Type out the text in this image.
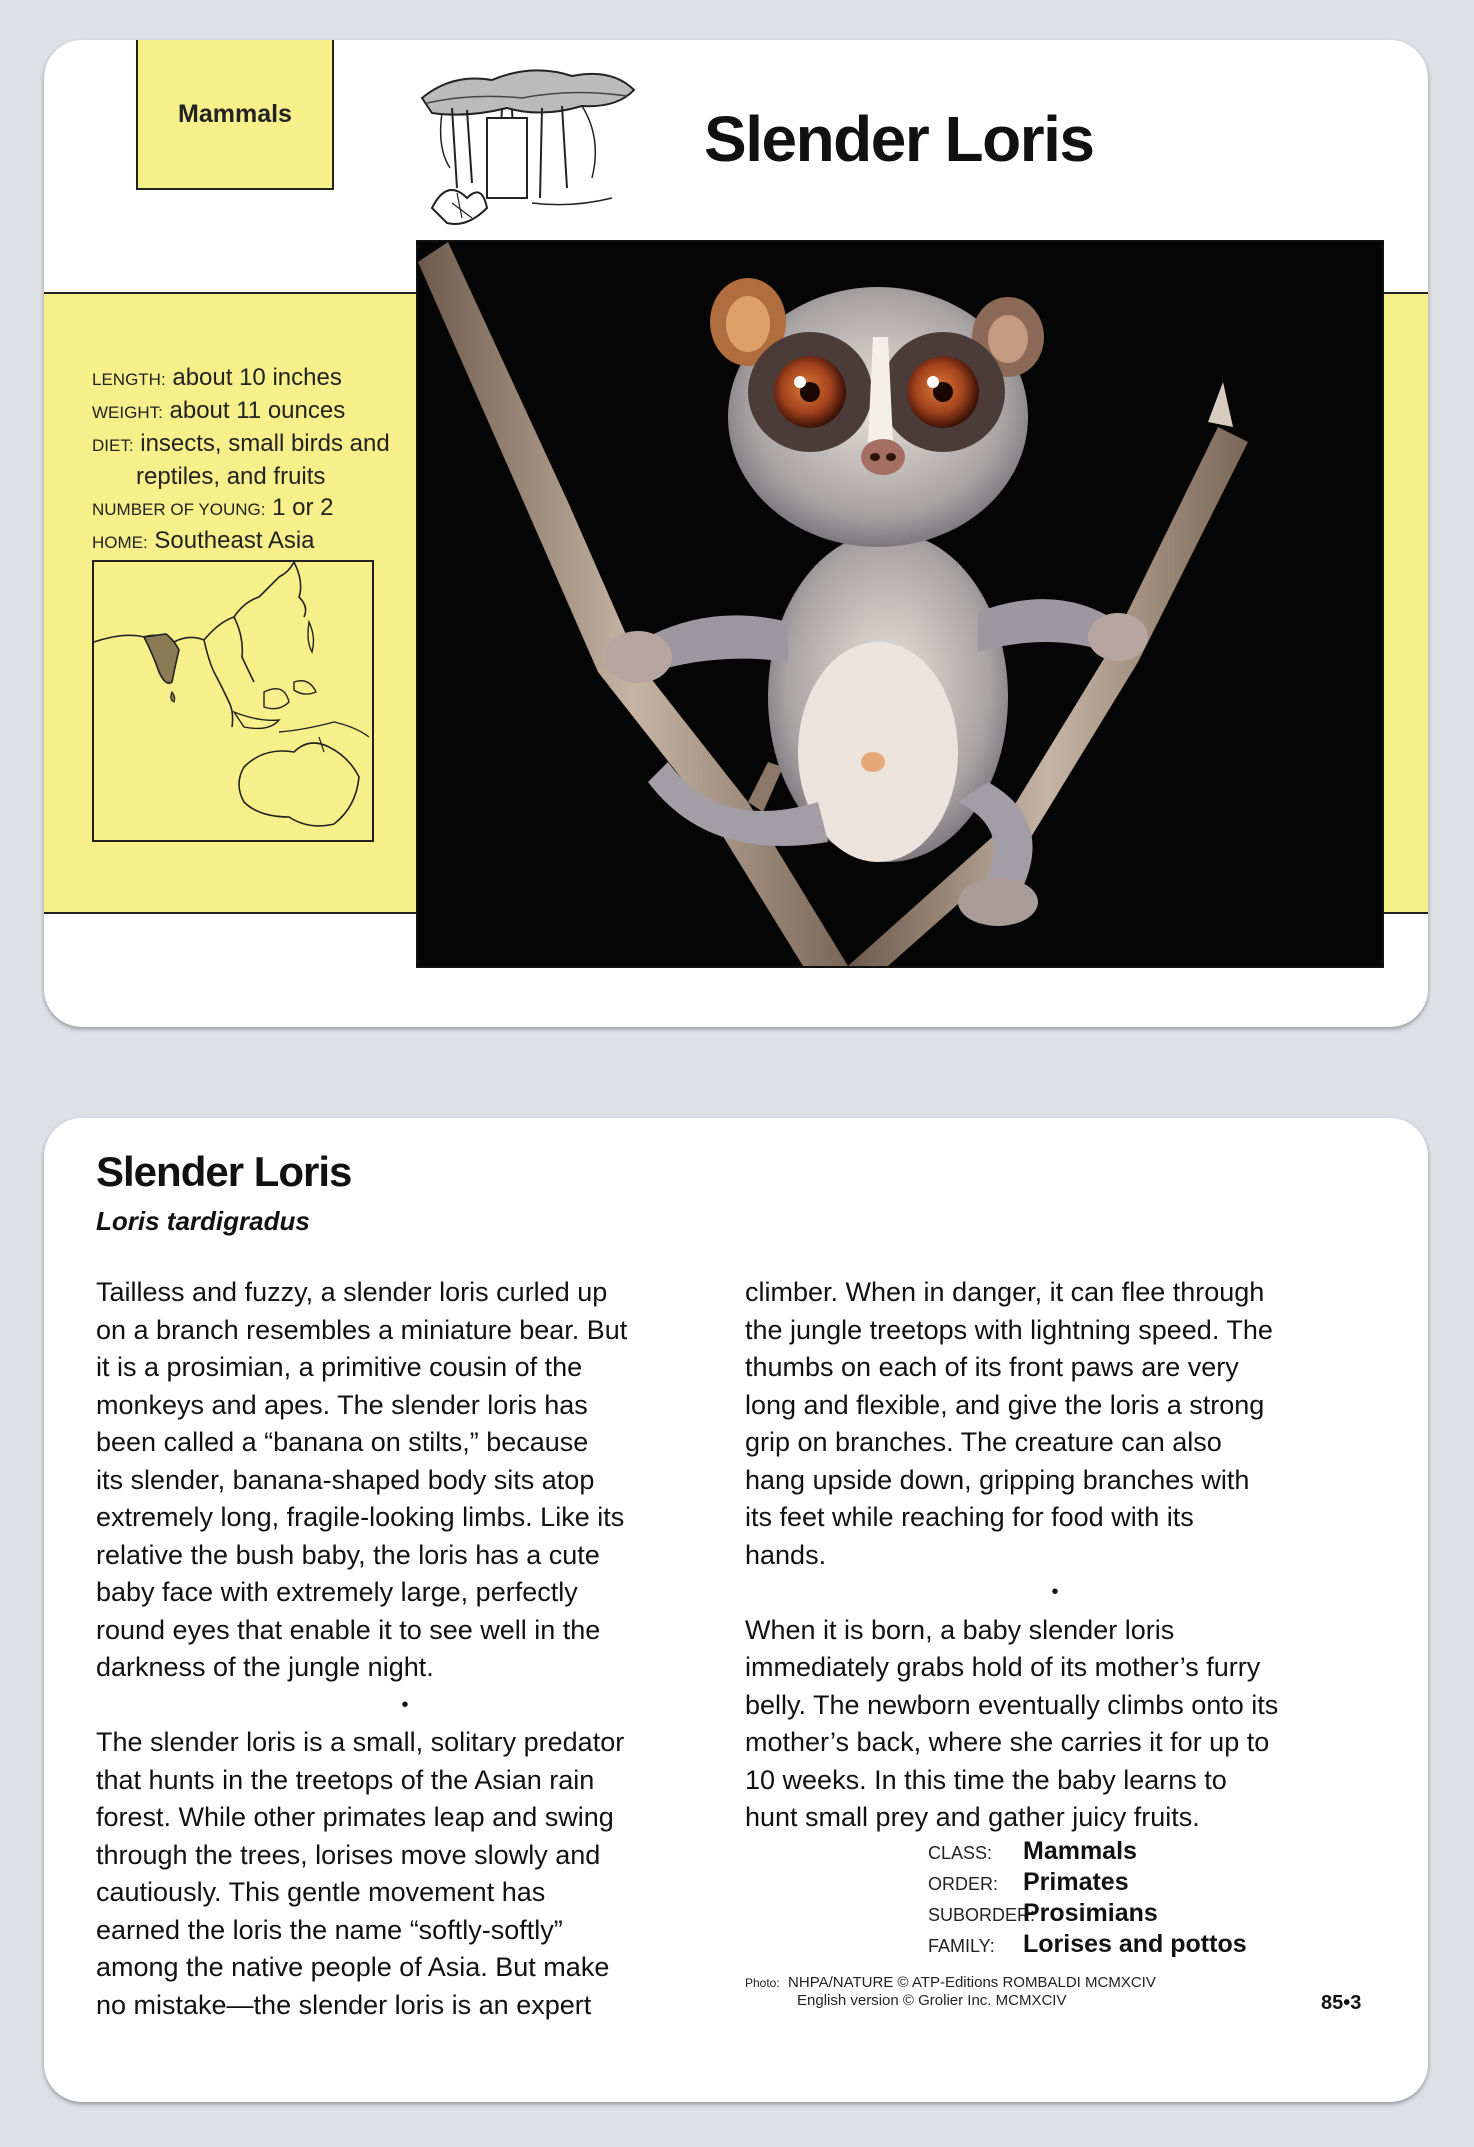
Mammals	Slender Loris
LENGTH: about 10 inches
WEIGHT: about 11 ounces
DIET: insects, small birds and
reptiles, and fruits
NUMBER OF YOUNG: 1 or 2
HOME: Southeast Asia
Slender Loris
Loris tardigradus

Tailless and fuzzy, a slender loris curled up
on a branch resembles a miniature bear. But
it is a prosimian, a primitive cousin of the
monkeys and apes. The slender loris has
been called a “banana on stilts,” because
its slender, banana-shaped body sits atop
extremely long, fragile-looking limbs. Like its
relative the bush baby, the loris has a cute
baby face with extremely large, perfectly
round eyes that enable it to see well in the
darkness of the jungle night.

•

The slender loris is a small, solitary predator
that hunts in the treetops of the Asian rain
forest. While other primates leap and swing
through the trees, lorises move slowly and
cautiously. This gentle movement has
earned the loris the name “softly-softly”
among the native people of Asia. But make
no mistake—the slender loris is an expert

climber. When in danger, it can flee through
the jungle treetops with lightning speed. The
thumbs on each of its front paws are very
long and flexible, and give the loris a strong
grip on branches. The creature can also
hang upside down, gripping branches with
its feet while reaching for food with its
hands.

•

When it is born, a baby slender loris
immediately grabs hold of its mother’s furry
belly. The newborn eventually climbs onto its
mother’s back, where she carries it for up to
10 weeks. In this time the baby learns to
hunt small prey and gather juicy fruits.

CLASS:	Mammals
ORDER: Primates
SUBORDER:
Prosimians
FAMILY:	Lorises and pottos
Photo: NHPA/NATURE © ATP-Editions ROMBALDI MCMXCIV
English version © Grolier Inc. MCMXCIV	85•3
